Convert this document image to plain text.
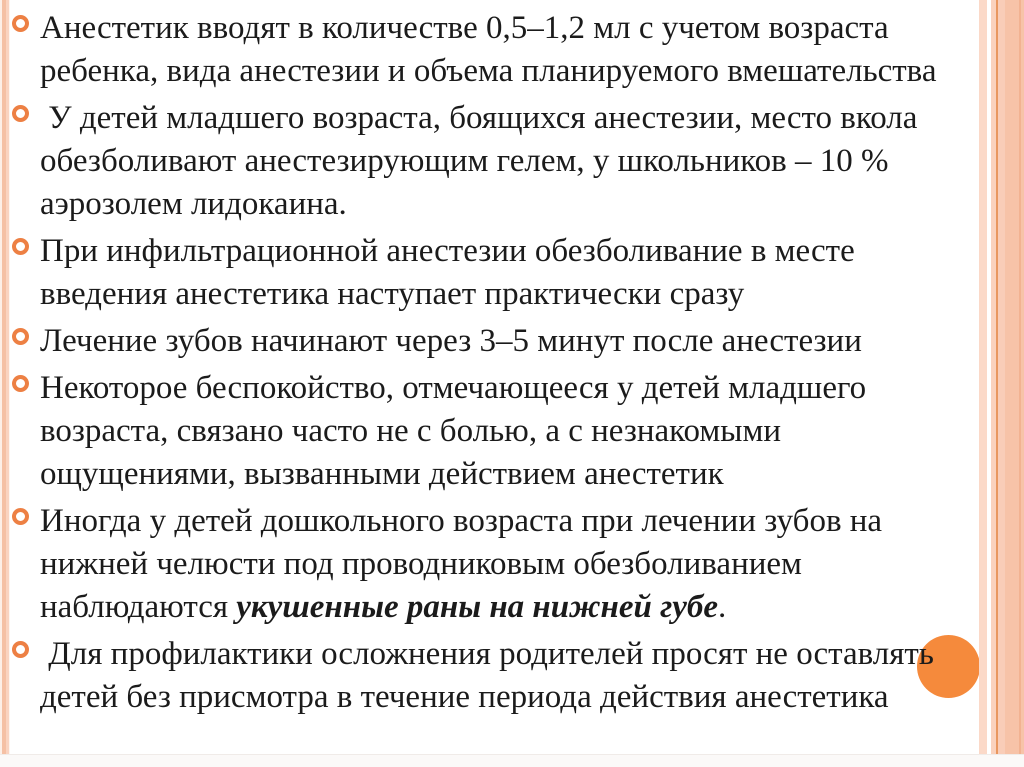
Анестетик вводят в количестве 0,5–1,2 мл с учетом возраста ребенка, вида анестезии и объема планируемого вмешательства
У детей младшего возраста, боящихся анестезии, место вкола обезболивают анестезирующим гелем, у школьников – 10 % аэрозолем лидокаина.
При инфильтрационной анестезии обезболивание в месте введения анестетика наступает практически сразу
Лечение зубов начинают через 3–5 минут после анестезии
Некоторое беспокойство, отмечающееся у детей младшего возраста, связано часто не с болью, а с незнакомыми ощущениями, вызванными действием анестетик
Иногда у детей дошкольного возраста при лечении зубов на нижней челюсти под проводниковым обезболиванием наблюдаются укушенные раны на нижней губе.
Для профилактики осложнения родителей просят не оставлять детей без присмотра в течение периода действия анестетика
